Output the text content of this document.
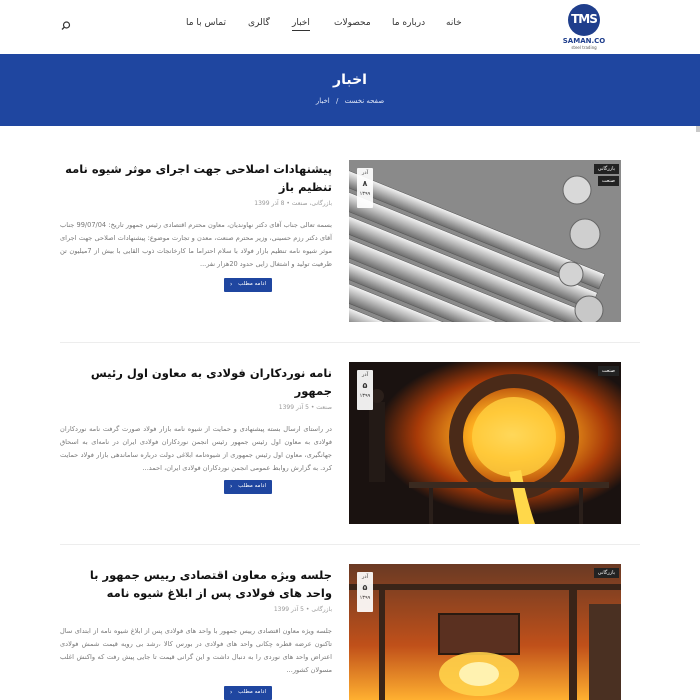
TMS
SAMAN.CO
steel trading
خانه
درباره ما
محصولات
اخبار
گالری
تماس با ما
اخبار
صفحه نخست / اخبار
آذر
۸
۱۳۹۹
بازرگانی
صنعت
پیشنهادات اصلاحی جهت اجرای موثر شیوه نامه تنظیم باز
بازرگانی، صنعت • 8 آذر 1399
بسمه تعالی جناب آقای دکتر نهاوندیان، معاون محترم اقتصادی رئیس جمهور تاریخ: 99/07/04 جناب آقای دکتر رزم حسینی، وزیر محترم صنعت، معدن و تجارت موضوع: پیشنهادات اصلاحی جهت اجرای موثر شیوه نامه تنظیم بازار فولاد با سلام احتراما ما کارخانجات ذوب القایی با بیش از 7میلیون تن ظرفیت تولید و اشتغال زایی حدود 20هزار نفر...
ادامه مطلب
‹
آذر
۵
۱۳۹۹
صنعت
نامه نوردکاران فولادی به معاون اول رئیس جمهور
صنعت • 5 آذر 1399
در راستای ارسال بسته پیشنهادی و حمایت از شیوه نامه بازار فولاد صورت گرفت نامه نوردکاران فولادی به معاون اول رئیس جمهور رئیس انجمن نوردکاران فولادی ایران در نامه‌ای به اسحاق جهانگیری، معاون اول رئیس جمهوری از شیوه‌نامه ابلاغی دولت درباره ساماندهی بازار فولاد حمایت کرد. به گزارش روابط عمومی انجمن نوردکاران فولادی ایران، احمد...
ادامه مطلب
‹
آذر
۵
۱۳۹۹
بازرگانی
جلسه ویژه معاون اقتصادی رییس جمهور با واحد های فولادی پس از ابلاغ شیوه نامه
بازرگانی • 5 آذر 1399
جلسه ویژه معاون اقتصادی رییس جمهور با واحد های فولادی پس از ابلاغ شیوه نامه از ابتدای سال تاکنون عرضه قطره چکانی واحد های فولادی در بورس کالا ،رشد بی رویه قیمت شمش فولادی اعتراض واحد های نوردی را به دنبال داشت و این گرانی قیمت تا جایی پیش رفت که واکنش اغلب مسولان کشور...
ادامه مطلب
‹
